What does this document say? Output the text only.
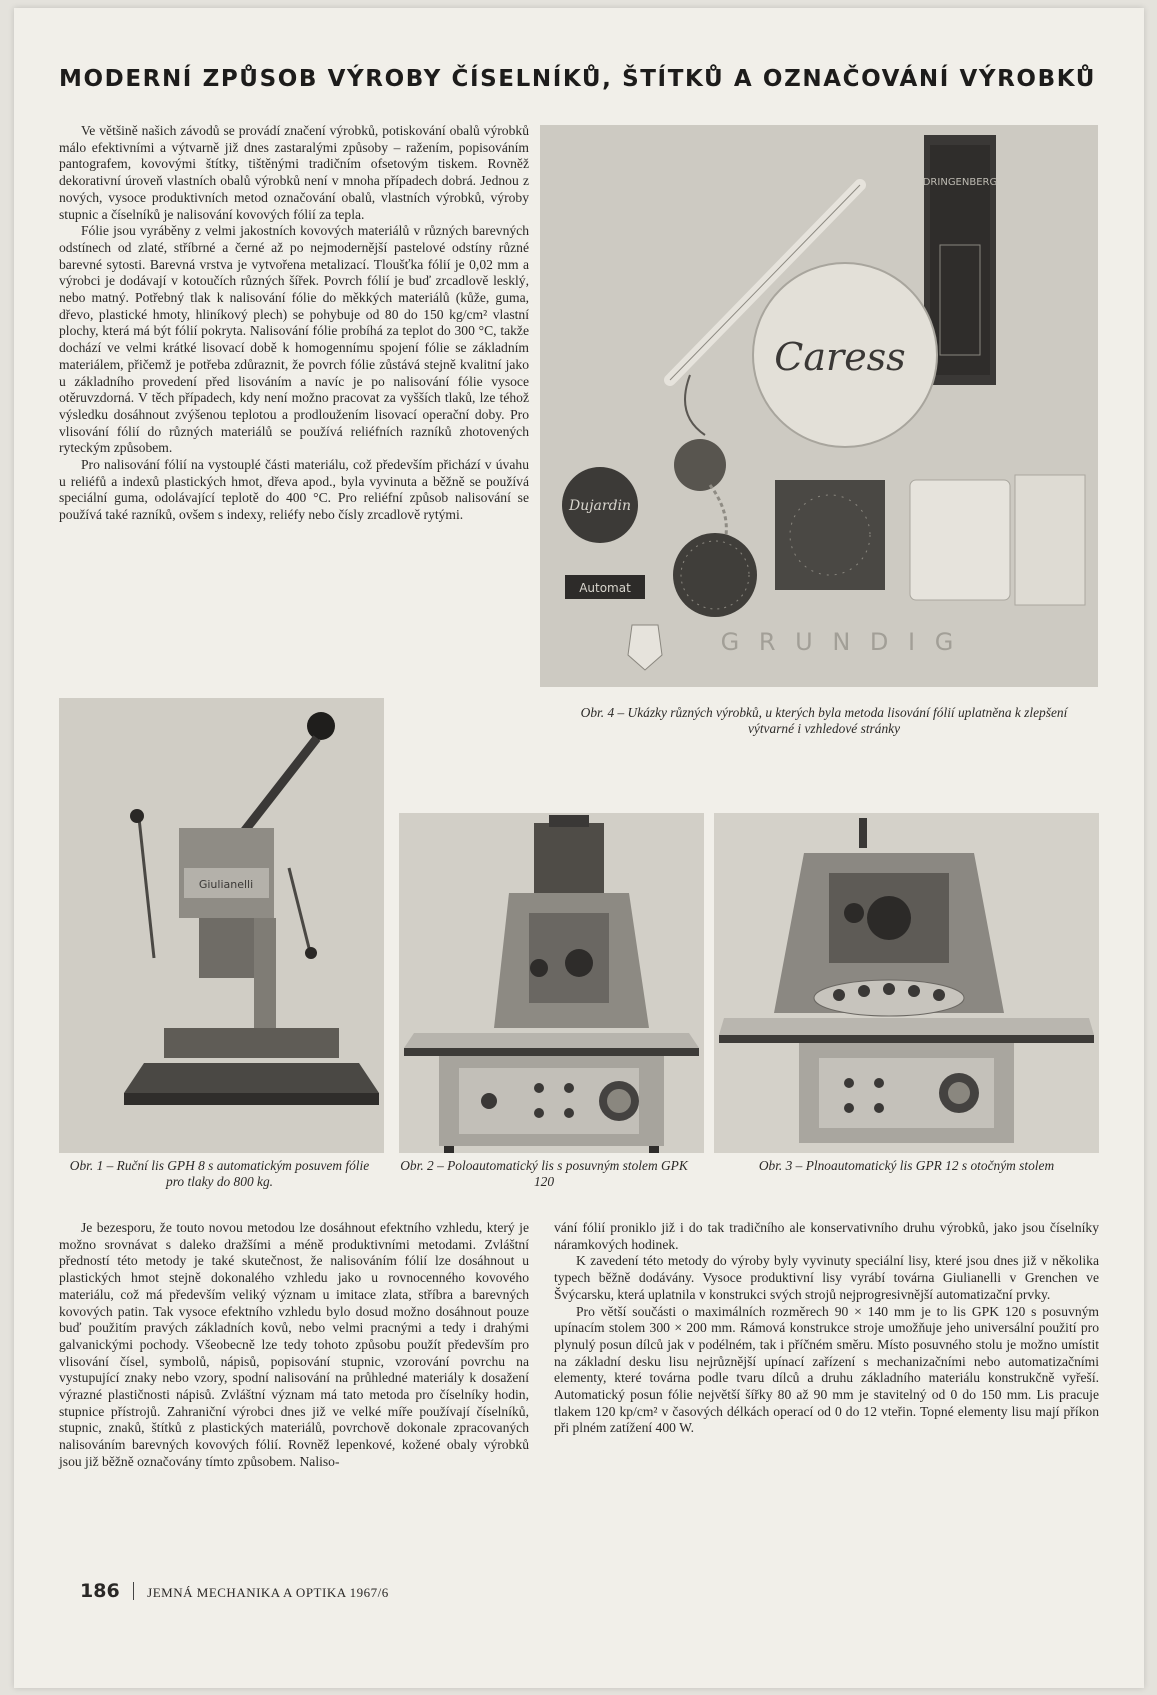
MODERNÍ ZPŮSOB VÝROBY ČÍSELNÍKŮ, ŠTÍTKŮ A OZNAČOVÁNÍ VÝROBKŮ

Ve většině našich závodů se provádí značení výrobků, potiskování obalů výrobků málo efektivními a výtvarně již dnes zastaralými způsoby – ražením, popisováním pantografem, kovovými štítky, tištěnými tradičním ofsetovým tiskem. Rovněž dekorativní úroveň vlastních obalů výrobků není v mnoha případech dobrá. Jednou z nových, vysoce produktivních metod označování obalů, vlastních výrobků, výroby stupnic a číselníků je nalisování kovových fólií za tepla.

Fólie jsou vyráběny z velmi jakostních kovových materiálů v různých barevných odstínech od zlaté, stříbrné a černé až po nejmodernější pastelové odstíny různé barevné sytosti. Barevná vrstva je vytvořena metalizací. Tloušťka fólií je 0,02 mm a výrobci je dodávají v kotoučích různých šířek. Povrch fólií je buď zrcadlově lesklý, nebo matný. Potřebný tlak k nalisování fólie do měkkých materiálů (kůže, guma, dřevo, plastické hmoty, hliníkový plech) se pohybuje od 80 do 150 kg/cm² vlastní plochy, která má být fólií pokryta. Nalisování fólie probíhá za teplot do 300 °C, takže dochází ve velmi krátké lisovací době k homogennímu spojení fólie se základním materiálem, přičemž je potřeba zdůraznit, že povrch fólie zůstává stejně kvalitní jako u základního provedení před lisováním a navíc je po nalisování fólie vysoce otěruvzdorná. V těch případech, kdy není možno pracovat za vyšších tlaků, lze téhož výsledku dosáhnout zvýšenou teplotou a prodloužením lisovací operační doby. Pro vlisování fólií do různých materiálů se používá reliéfních razníků zhotovených ryteckým způsobem.

Pro nalisování fólií na vystouplé části materiálu, což především přichází v úvahu u reliéfů a indexů plastických hmot, dřeva apod., byla vyvinuta a běžně se používá speciální guma, odolávající teplotě do 400 °C. Pro reliéfní způsob nalisování se používá také razníků, ovšem s indexy, reliéfy nebo čísly zrcadlově rytými.

DRINGENBERG
Caress
Dujardin
Automat
G R U N D I G
Obr. 4 – Ukázky různých výrobků, u kterých byla metoda lisování fólií uplatněna k zlepšení výtvarné i vzhledové stránky
Giulianelli
Obr. 1 – Ruční lis GPH 8 s automatickým posuvem fólie pro tlaky do 800 kg.
Obr. 2 – Poloautomatický lis s posuvným stolem GPK 120
Obr. 3 – Plnoautomatický lis GPR 12 s otočným stolem

Je bezesporu, že touto novou metodou lze dosáhnout efektního vzhledu, který je možno srovnávat s daleko dražšími a méně produktivními metodami. Zvláštní předností této metody je také skutečnost, že nalisováním fólií lze dosáhnout u plastických hmot stejně dokonalého vzhledu jako u rovnocenného kovového materiálu, což má především veliký význam u imitace zlata, stříbra a barevných kovových patin. Tak vysoce efektního vzhledu bylo dosud možno dosáhnout pouze buď použitím pravých základních kovů, nebo velmi pracnými a tedy i drahými galvanickými pochody. Všeobecně lze tedy tohoto způsobu použít především pro vlisování čísel, symbolů, nápisů, popisování stupnic, vzorování povrchu na vystupující znaky nebo vzory, spodní nalisování na průhledné materiály k dosažení výrazné plastičnosti nápisů. Zvláštní význam má tato metoda pro číselníky hodin, stupnice přístrojů. Zahraniční výrobci dnes již ve velké míře používají číselníků, stupnic, znaků, štítků z plastických materiálů, povrchově dokonale zpracovaných nalisováním barevných kovových fólií. Rovněž lepenkové, kožené obaly výrobků jsou již běžně označovány tímto způsobem. Naliso-

vání fólií proniklo již i do tak tradičního ale konservativního druhu výrobků, jako jsou číselníky náramkových hodinek.

K zavedení této metody do výroby byly vyvinuty speciální lisy, které jsou dnes již v několika typech běžně dodávány. Vysoce produktivní lisy vyrábí továrna Giulianelli v Grenchen ve Švýcarsku, která uplatnila v konstrukci svých strojů nejprogresivnější automatizační prvky.

Pro větší součásti o maximálních rozměrech 90 × 140 mm je to lis GPK 120 s posuvným upínacím stolem 300 × 200 mm. Rámová konstrukce stroje umožňuje jeho universální použití pro plynulý posun dílců jak v podélném, tak i příčném směru. Místo posuvného stolu je možno umístit na základní desku lisu nejrůznější upínací zařízení s mechanizačními nebo automatizačními elementy, které továrna podle tvaru dílců a druhu základního materiálu konstrukčně vyřeší. Automatický posun fólie největší šířky 80 až 90 mm je stavitelný od 0 do 150 mm. Lis pracuje tlakem 120 kp/cm² v časových délkách operací od 0 do 12 vteřin. Topné elementy lisu mají příkon při plném zatížení 400 W.

186 JEMNÁ MECHANIKA A OPTIKA 1967/6
